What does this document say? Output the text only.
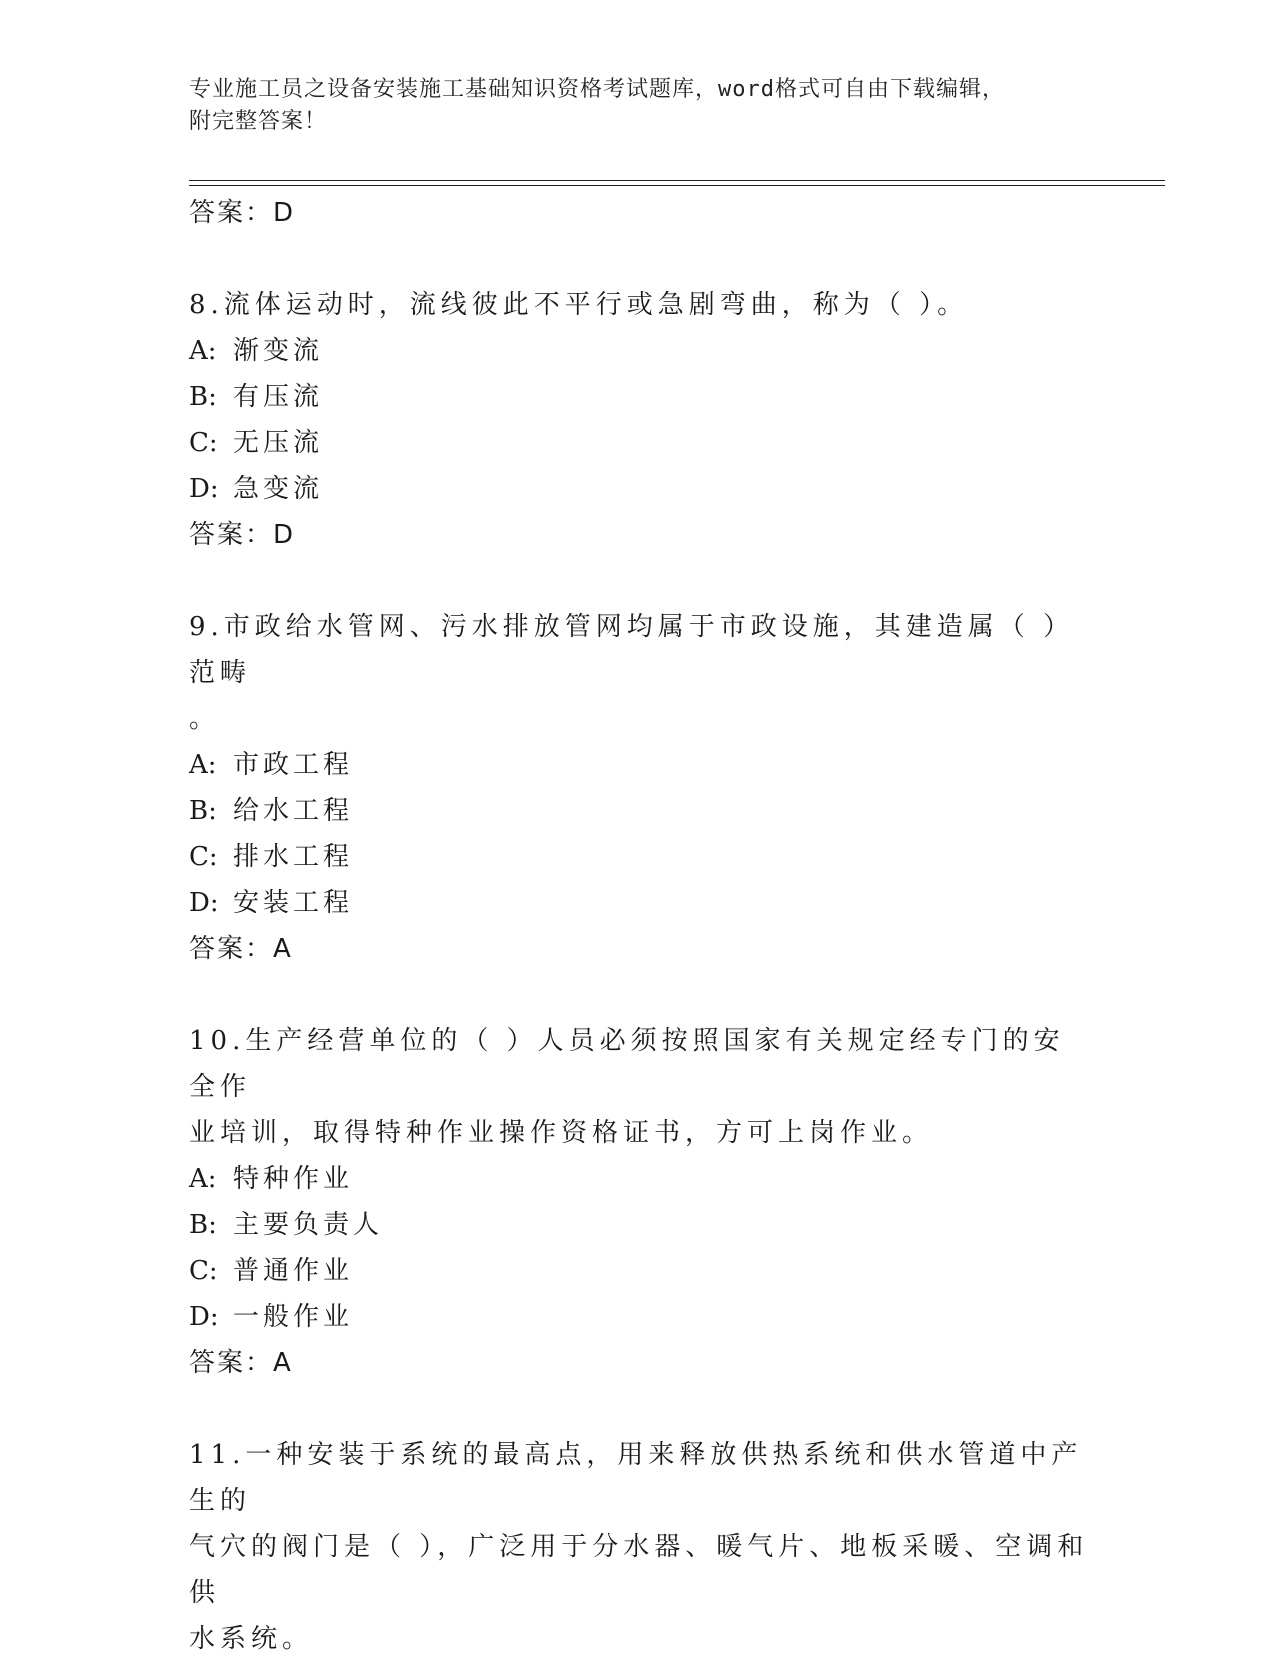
专业施工员之设备安装施工基础知识资格考试题库，word格式可自由下载编辑，
附完整答案！
答案：D
8.流体运动时，流线彼此不平行或急剧弯曲，称为（ ）。
A: 渐变流
B: 有压流
C: 无压流
D: 急变流
答案：D
9.市政给水管网、污水排放管网均属于市政设施，其建造属（ ）范畴
。
A: 市政工程
B: 给水工程
C: 排水工程
D: 安装工程
答案：A
10.生产经营单位的（ ）人员必须按照国家有关规定经专门的安全作
业培训，取得特种作业操作资格证书，方可上岗作业。
A: 特种作业
B: 主要负责人
C: 普通作业
D: 一般作业
答案：A
11.一种安装于系统的最高点，用来释放供热系统和供水管道中产生的
气穴的阀门是（ ），广泛用于分水器、暖气片、地板采暖、空调和供
水系统。
